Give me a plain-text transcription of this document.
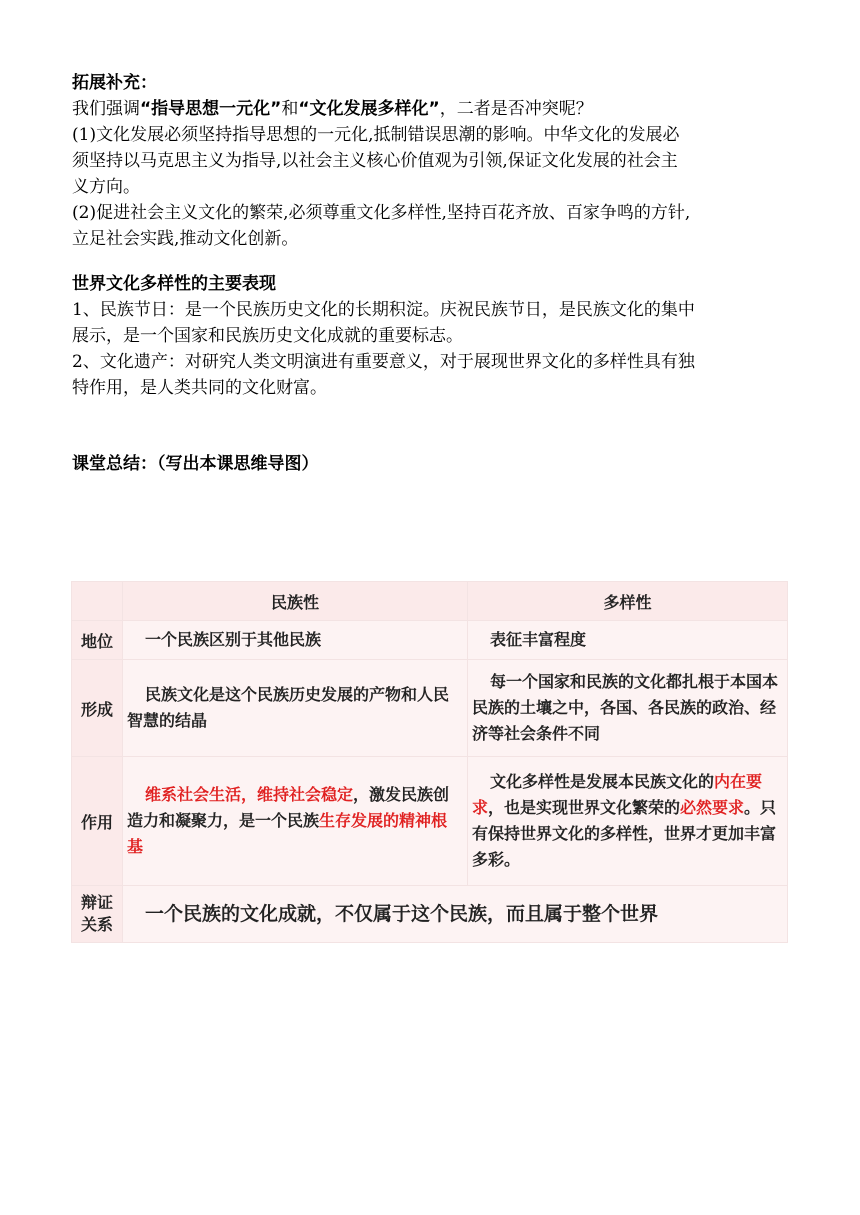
拓展补充：
我们强调“指导思想一元化”和“文化发展多样化”，二者是否冲突呢？
(1)文化发展必须坚持指导思想的一元化,抵制错误思潮的影响。中华文化的发展必
须坚持以马克思主义为指导,以社会主义核心价值观为引领,保证文化发展的社会主
义方向。
(2)促进社会主义文化的繁荣,必须尊重文化多样性,坚持百花齐放、百家争鸣的方针,
立足社会实践,推动文化创新。
世界文化多样性的主要表现
1、民族节日：是一个民族历史文化的长期积淀。庆祝民族节日，是民族文化的集中
展示，是一个国家和民族历史文化成就的重要标志。
2、文化遗产：对研究人类文明演进有重要意义，对于展现世界文化的多样性具有独
特作用，是人类共同的文化财富。
课堂总结：（写出本课思维导图）
	民族性	多样性
地位	一个民族区别于其他民族	表征丰富程度

形成	民族文化是这个民族历史发展的产物和人民智慧的结晶	每一个国家和民族的文化都扎根于本国本民族的土壤之中，各国、各民族的政治、经济等社会条件不同

作用	维系社会生活，维持社会稳定，激发民族创造力和凝聚力，是一个民族生存发展的精神根基	文化多样性是发展本民族文化的内在要求，也是实现世界文化繁荣的必然要求。只有保持世界文化的多样性，世界才更加丰富多彩。

辩证关系	一个民族的文化成就，不仅属于这个民族，而且属于整个世界	
